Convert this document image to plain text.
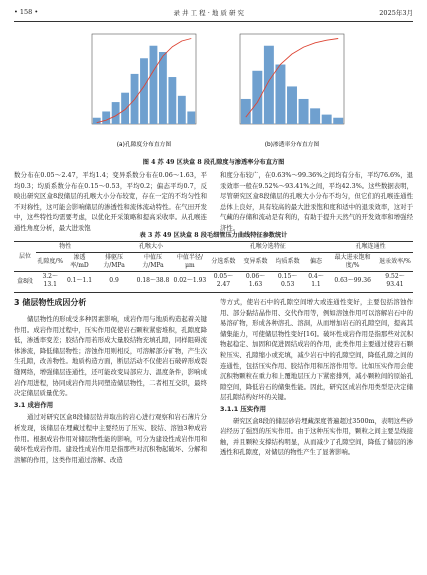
• 158 •	录 井 工 程 · 地 质 研 究	2025年3月
(a)孔隙度分布直方图	(b)渗透率分布直方图
图 4 苏 49 区块盒 8 段孔隙度与渗透率分布直方图

数分布在0.05～2.47，平均1.4；变异系数分布在0.06～1.63，平均0.3；均质系数分布在0.15～0.53，平均0.2；偏态平均0.7，反映出研究区盒8段储层的孔喉大小分布较宽，存在一定的不均匀性和不对称性，这可能会影响储层的渗透性和流体流动特性。在气田开发中，这些特性均需要考虑，以优化开采策略和提高采收率。从孔喉连通性角度分析，最大进汞饱

和度分布较广，在0.63%～99.36%之间均有分布，平均76.6%，退汞效率一般在9.52%～93.41%之间，平均42.3%。这些数据表明，尽管研究区盒8段储层的孔喉大小分布不均匀，但它们的孔喉连通性总体上良好，具有较高的最大进汞饱和度和适中的退汞效率，这对于气藏的存储和流动是有利的，有助于提升天然气的开发效率和增强经济性。

表 3 苏 49 区块盒 8 段毛细管压力曲线特征参数统计
层位	物性		孔喉大小			孔喉分选特征				孔喉连通性	
	孔隙度/%	渗透率/mD	排驱压力/MPa	中值压力/MPa	中值半径/μm	分选系数	变异系数	均质系数	偏态	最大进汞饱和度/%	退汞效率/%
盒8段	3.2～13.1	0.1～1.1	0.9	0.18～38.8	0.02～1.93	0.05～2.47	0.06～1.63	0.15～0.53	0.4～1.1	0.63～99.36	9.52～93.41

3 储层物性成因分析

储层物性的形成受多种因素影响，成岩作用与地质构造起着关键作用。成岩作用过程中，压实作用促使岩石颗粒紧密堆积，孔隙度降低，渗透率变差；胶结作用若形成大量胶结物充填孔隙，同样阻碍流体渗流，降低储层物性；溶蚀作用则相反，可溶解部分矿物，产生次生孔隙，改善物性。地质构造方面，断层活动不仅使岩石破碎形成裂缝网络，增强储层连通性，还可能改变局部应力、温度条件，影响成岩作用进程，协同成岩作用共同塑造储层物性，二者相互交织，最终决定储层质量优劣。

3.1 成岩作用

通过对研究区盒8段储层钻井取出的岩心进行观察和岩石薄片分析发现，该储层在埋藏过程中主要经历了压实、胶结、溶蚀3种成岩作用。根据成岩作用对储层物性能的影响，可分为建设性成岩作用和破坏性成岩作用。建设性成岩作用是指那些对沉积物起破坏、分解和溶解的作用，这类作用通过溶解、改造

等方式，使岩石中的孔隙空间增大或连通性变好，主要包括溶蚀作用、部分黏结晶作用、交代作用等，例如溶蚀作用可以溶解岩石中的易溶矿物，形成各种溶孔、溶洞，从而增加岩石的孔隙空间，提高其储集能力，可使储层物性变好[16]。破坏性成岩作用是指那些对沉积物起稳定、加固和促进固结成岩的作用，此类作用主要通过使岩石颗粒压实、孔隙缩小或充填，减少岩石中的孔隙空间，降低孔隙之间的连通性，包括压实作用、胶结作用和压溶作用等。比如压实作用会使沉积物颗粒在重力和上覆地层压力下紧密排列，减小颗粒间的原始孔隙空间，降低岩石的储集性能。因此，研究区成岩作用类型是决定储层孔隙结构好坏的关键。

3.1.1 压实作用

研究区盒8段的储层砂岩埋藏深度普遍超过3500m，表明这些砂岩经历了强烈的压实作用。由于这种压实作用，颗粒之间主要呈线接触，并且颗粒支撑结构明显，从而减少了孔隙空间，降低了储层的渗透性和孔隙度，对储层的物性产生了显著影响。
